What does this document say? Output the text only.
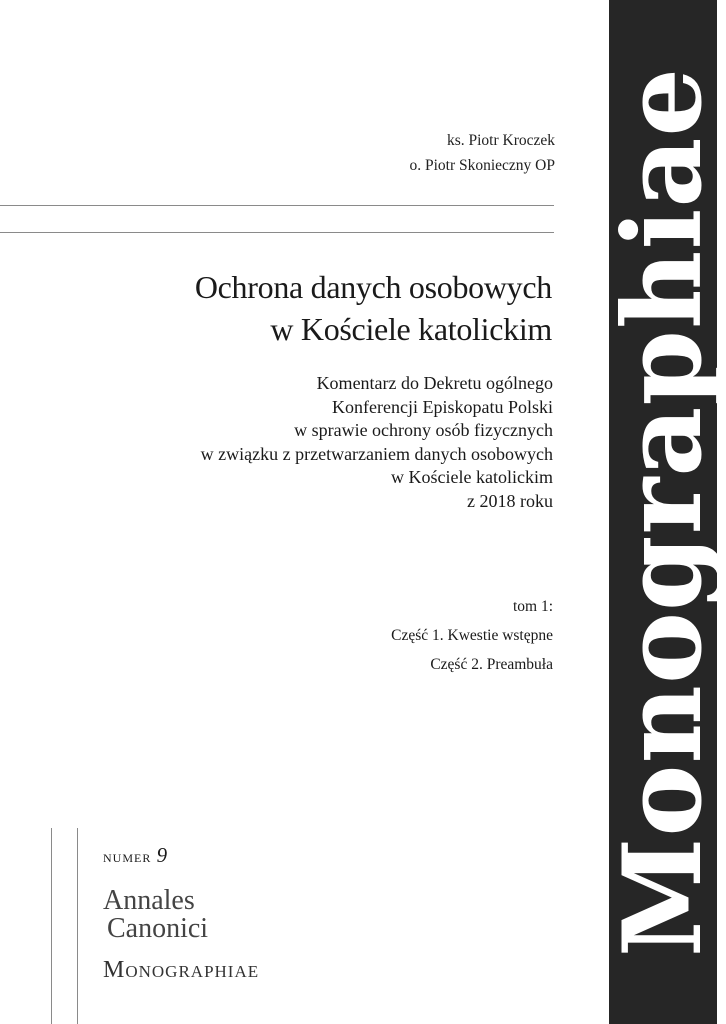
ks. Piotr Kroczek
o. Piotr Skonieczny OP
Ochrona danych osobowych
w Kościele katolickim
Komentarz do Dekretu ogólnego
Konferencji Episkopatu Polski
w sprawie ochrony osób fizycznych
w związku z przetwarzaniem danych osobowych
w Kościele katolickim
z 2018 roku
tom 1:
Część 1. Kwestie wstępne
Część 2. Preambuła
numer 9
Annales
Canonici
Monographiae
Monographiae
